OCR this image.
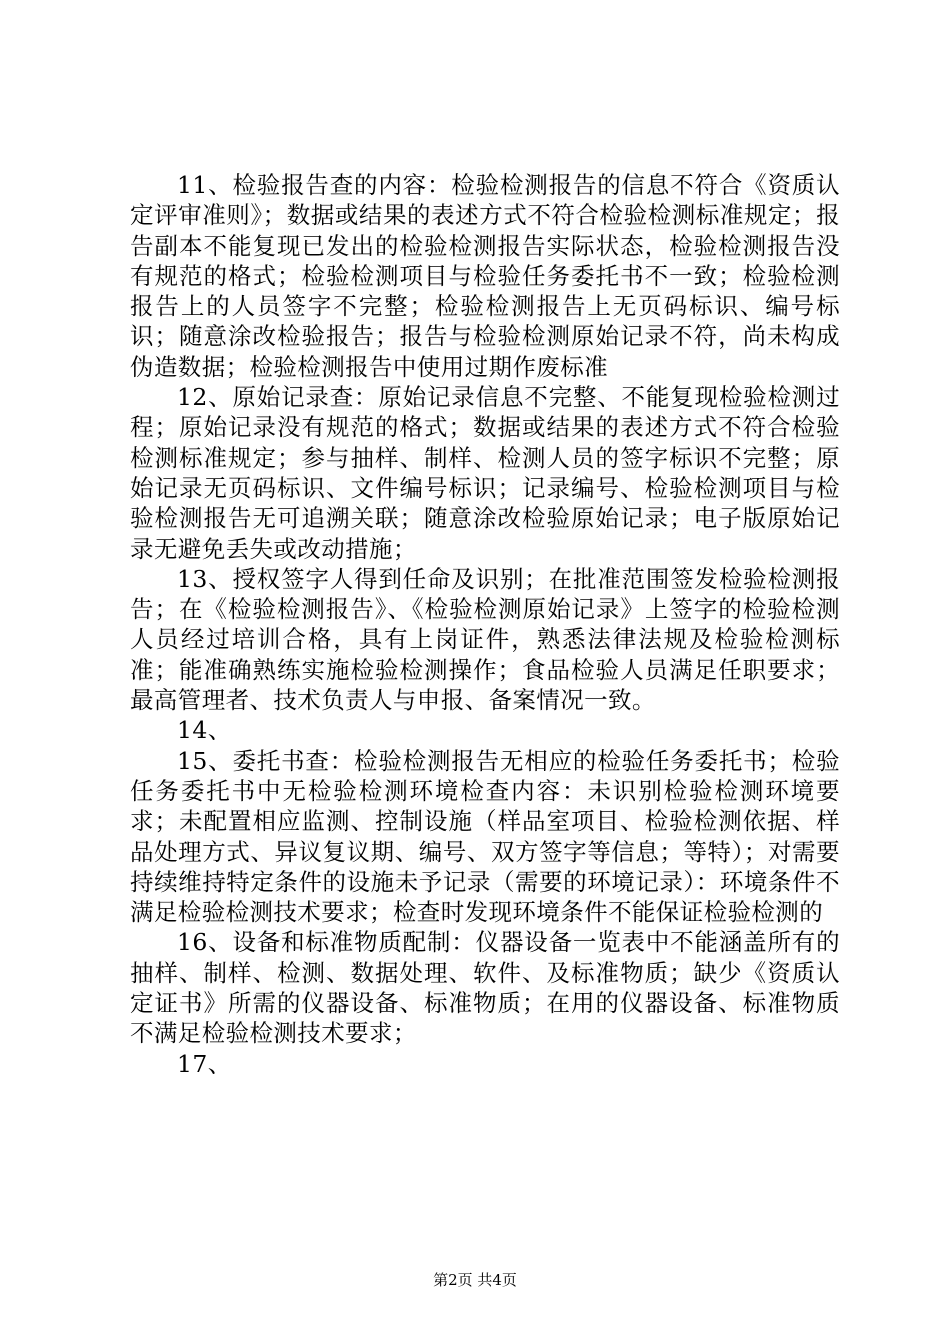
11、检验报告查的内容：检验检测报告的信息不符合《资质认定评审准则》；数据或结果的表述方式不符合检验检测标准规定；报告副本不能复现已发出的检验检测报告实际状态，检验检测报告没有规范的格式；检验检测项目与检验任务委托书不一致；检验检测报告上的人员签字不完整；检验检测报告上无页码标识、编号标识；随意涂改检验报告；报告与检验检测原始记录不符，尚未构成伪造数据；检验检测报告中使用过期作废标准

12、原始记录查：原始记录信息不完整、不能复现检验检测过程；原始记录没有规范的格式；数据或结果的表述方式不符合检验检测标准规定；参与抽样、制样、检测人员的签字标识不完整；原始记录无页码标识、文件编号标识；记录编号、检验检测项目与检验检测报告无可追溯关联；随意涂改检验原始记录；电子版原始记录无避免丢失或改动措施；

13、授权签字人得到任命及识别；在批准范围签发检验检测报告；在《检验检测报告》、《检验检测原始记录》上签字的检验检测人员经过培训合格，具有上岗证件，熟悉法律法规及检验检测标准；能准确熟练实施检验检测操作；食品检验人员满足任职要求；最高管理者、技术负责人与申报、备案情况一致。

14、

15、委托书查：检验检测报告无相应的检验任务委托书；检验任务委托书中无检验检测环境检查内容：未识别检验检测环境要求；未配置相应监测、控制设施（样品室项目、检验检测依据、样品处理方式、异议复议期、编号、双方签字等信息；等特）；对需要持续维持特定条件的设施未予记录（需要的环境记录）：环境条件不满足检验检测技术要求；检查时发现环境条件不能保证检验检测的

16、设备和标准物质配制：仪器设备一览表中不能涵盖所有的抽样、制样、检测、数据处理、软件、及标准物质；缺少《资质认定证书》所需的仪器设备、标准物质；在用的仪器设备、标准物质不满足检验检测技术要求；

17、

第2页 共4页
